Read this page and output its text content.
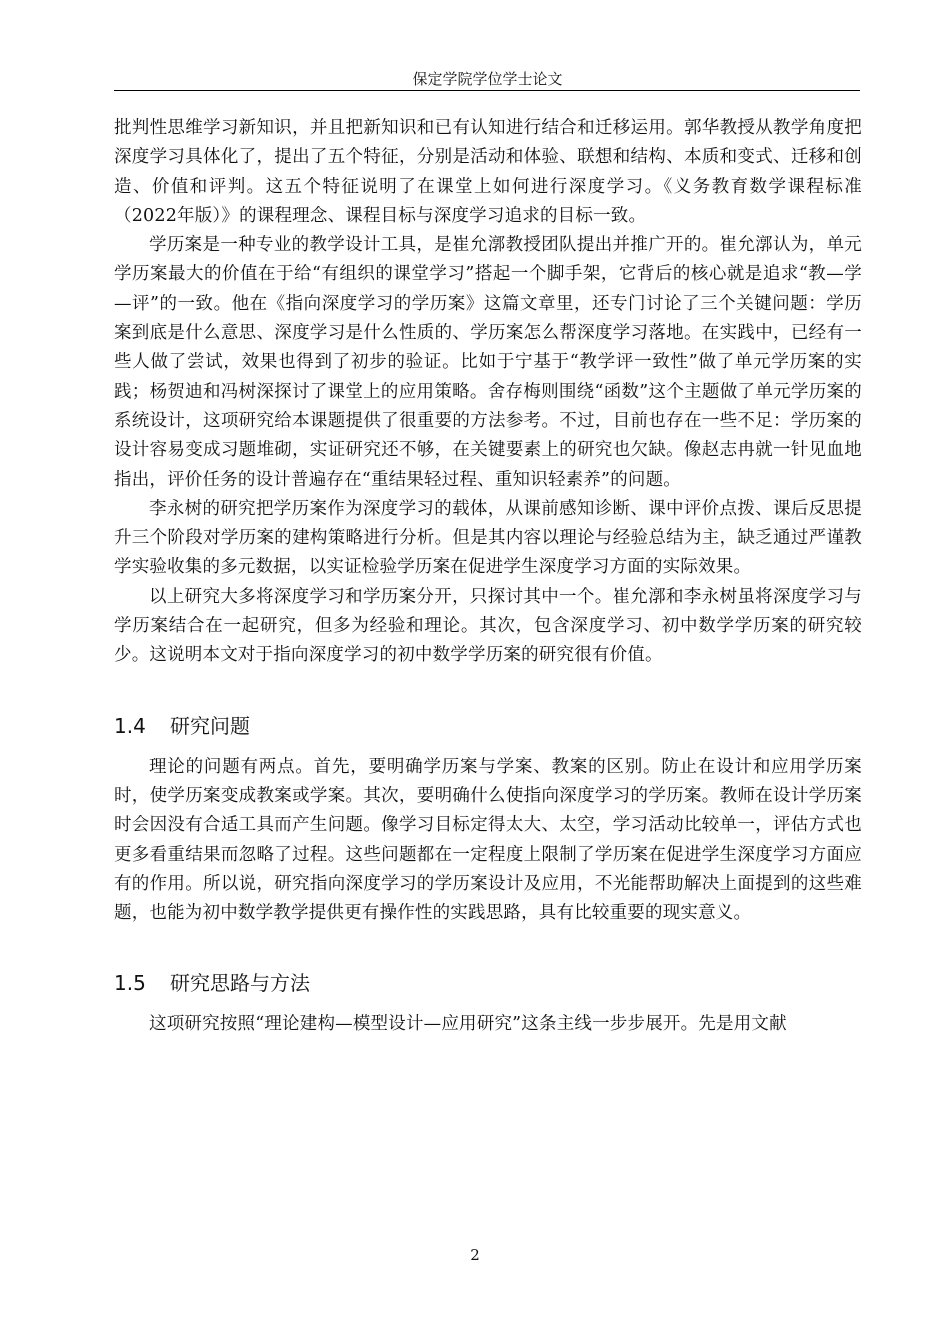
保定学院学位学士论文

批判性思维学习新知识，并且把新知识和已有认知进行结合和迁移运用。郭华教授从教学角度把深度学习具体化了，提出了五个特征，分别是活动和体验、联想和结构、本质和变式、迁移和创造、价值和评判。这五个特征说明了在课堂上如何进行深度学习。《义务教育数学课程标准（2022年版）》的课程理念、课程目标与深度学习追求的目标一致。

学历案是一种专业的教学设计工具，是崔允漷教授团队提出并推广开的。崔允漷认为，单元学历案最大的价值在于给“有组织的课堂学习”搭起一个脚手架，它背后的核心就是追求“教—学—评”的一致。他在《指向深度学习的学历案》这篇文章里，还专门讨论了三个关键问题：学历案到底是什么意思、深度学习是什么性质的、学历案怎么帮深度学习落地。在实践中，已经有一些人做了尝试，效果也得到了初步的验证。比如于宁基于“教学评一致性”做了单元学历案的实践；杨贺迪和冯树深探讨了课堂上的应用策略。舍存梅则围绕“函数”这个主题做了单元学历案的系统设计，这项研究给本课题提供了很重要的方法参考。不过，目前也存在一些不足：学历案的设计容易变成习题堆砌，实证研究还不够，在关键要素上的研究也欠缺。像赵志冉就一针见血地指出，评价任务的设计普遍存在“重结果轻过程、重知识轻素养”的问题。

李永树的研究把学历案作为深度学习的载体，从课前感知诊断、课中评价点拨、课后反思提升三个阶段对学历案的建构策略进行分析。但是其内容以理论与经验总结为主，缺乏通过严谨教学实验收集的多元数据，以实证检验学历案在促进学生深度学习方面的实际效果。

以上研究大多将深度学习和学历案分开，只探讨其中一个。崔允漷和李永树虽将深度学习与学历案结合在一起研究，但多为经验和理论。其次，包含深度学习、初中数学学历案的研究较少。这说明本文对于指向深度学习的初中数学学历案的研究很有价值。

1.4	研究问题

理论的问题有两点。首先，要明确学历案与学案、教案的区别。防止在设计和应用学历案时，使学历案变成教案或学案。其次，要明确什么使指向深度学习的学历案。教师在设计学历案时会因没有合适工具而产生问题。像学习目标定得太大、太空，学习活动比较单一，评估方式也更多看重结果而忽略了过程。这些问题都在一定程度上限制了学历案在促进学生深度学习方面应有的作用。所以说，研究指向深度学习的学历案设计及应用，不光能帮助解决上面提到的这些难题，也能为初中数学教学提供更有操作性的实践思路，具有比较重要的现实意义。

1.5	研究思路与方法

这项研究按照“理论建构—模型设计—应用研究”这条主线一步步展开。先是用文献

2
